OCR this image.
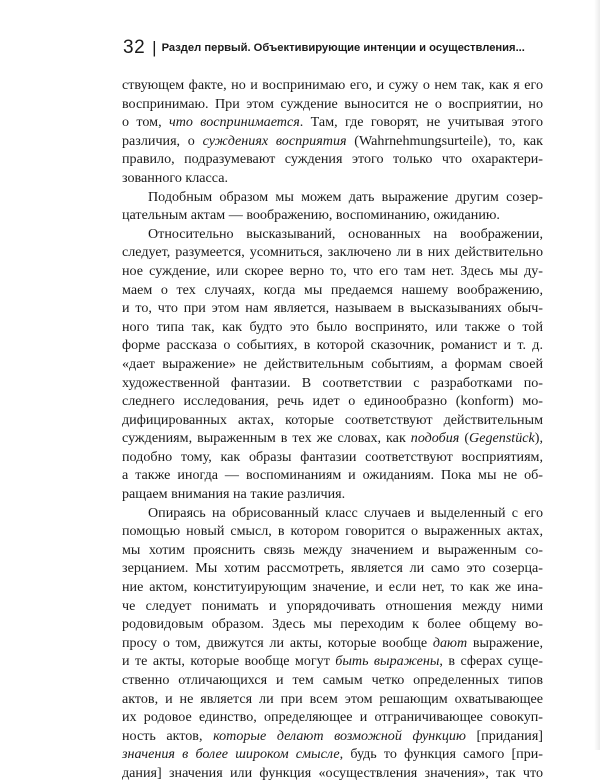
32 | Раздел первый. Объективирующие интенции и осуществления...
ствующем факте, но и воспринимаю его, и сужу о нем так, как я его
воспринимаю. При этом суждение выносится не о восприятии, но
о том, что воспринимается. Там, где говорят, не учитывая этого
различия, о суждениях восприятия (Wahrnehmungsurteile), то, как
правило, подразумевают суждения этого только что охарактери-
зованного класса.
Подобным образом мы можем дать выражение другим созер-
цательным актам — воображению, воспоминанию, ожиданию.
Относительно высказываний, основанных на воображении,
следует, разумеется, усомниться, заключено ли в них действительно
ное суждение, или скорее верно то, что его там нет. Здесь мы ду-
маем о тех случаях, когда мы предаемся нашему воображению,
и то, что при этом нам является, называем в высказываниях обыч-
ного типа так, как будто это было воспринято, или также о той
форме рассказа о событиях, в которой сказочник, романист и т. д.
«дает выражение» не действительным событиям, а формам своей
художественной фантазии. В соответствии с разработками по-
следнего исследования, речь идет о единообразно (konform) мо-
дифицированных актах, которые соответствуют действительным
суждениям, выраженным в тех же словах, как подобия (Gegenstück),
подобно тому, как образы фантазии соответствуют восприятиям,
а также иногда — воспоминаниям и ожиданиям. Пока мы не об-
ращаем внимания на такие различия.
Опираясь на обрисованный класс случаев и выделенный с его
помощью новый смысл, в котором говорится о выраженных актах,
мы хотим прояснить связь между значением и выраженным со-
зерцанием. Мы хотим рассмотреть, является ли само это созерца-
ние актом, конституирующим значение, и если нет, то как же ина-
че следует понимать и упорядочивать отношения между ними
родовидовым образом. Здесь мы переходим к более общему во-
просу о том, движутся ли акты, которые вообще дают выражение,
и те акты, которые вообще могут быть выражены, в сферах суще-
ственно отличающихся и тем самым четко определенных типов
актов, и не является ли при всем этом решающим охватывающее
их родовое единство, определяющее и отграничивающее совокуп-
ность актов, которые делают возможной функцию [придания]
значения в более широком смысле, будь то функция самого [при-
дания] значения или функция «осуществления значения», так что
